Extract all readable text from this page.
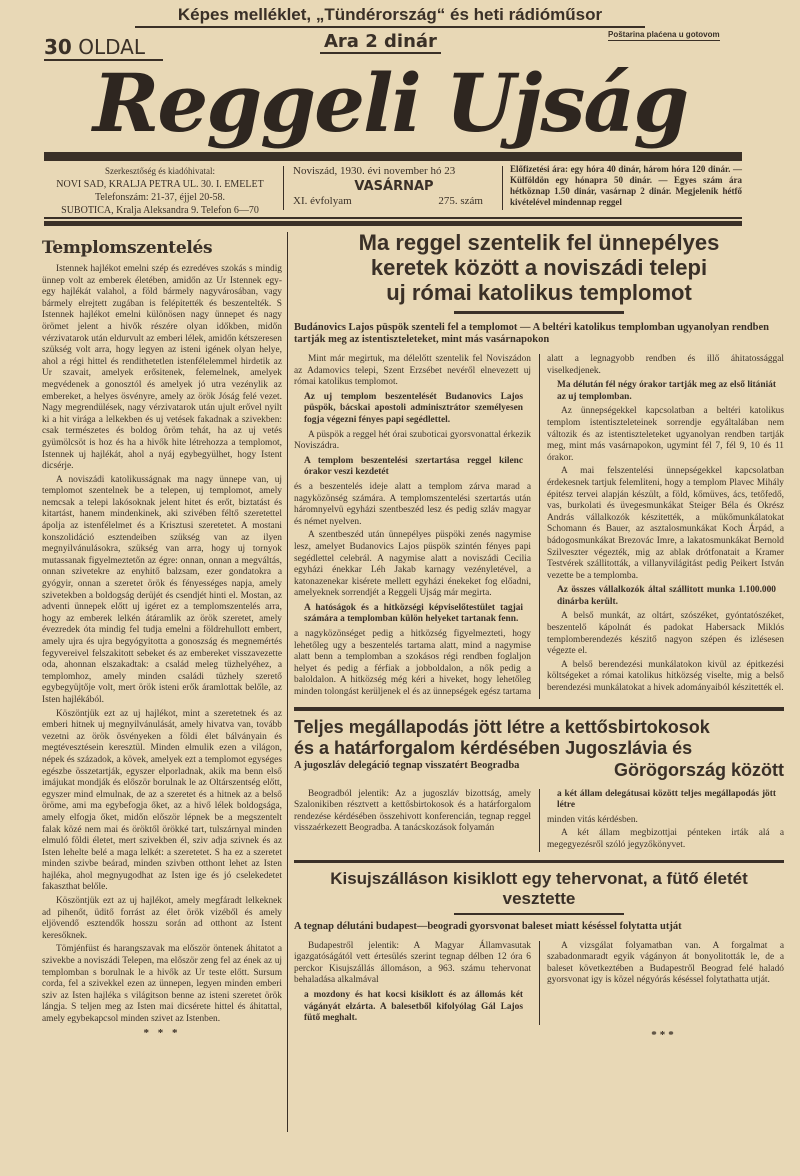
Képes melléklet, „Tündérország“ és heti rádióműsor
30 OLDAL	Ara 2 dinár	Poštarina plaćena u gotovom
Reggeli Ujság
Szerkesztőség és kiadóhivatal:
NOVI SAD, KRALJA PETRA UL. 30. I. EMELET
Telefonszám: 21-37, éjjel 20-58.
SUBOTICA, Kralja Aleksandra 9. Telefon 6—70
Noviszád, 1930. évi november hó 23
VASÁRNAP
XI. évfolyam	275. szám
Előfizetési ára: egy hóra 40 dinár, három hóra 120 dinár. — Külföldön egy hónapra 50 dinár. — Egyes szám ára hétköznap 1.50 dinár, vasárnap 2 dinár. Megjelenik hétfő kivételével mindennap reggel
Templomszentelés

Istennek hajlékot emelni szép és ezredéves szokás s mindig ünnep volt az emberek életében, amidőn az Ur Istennek egy-egy hajlékát valahol, a föld bármely nagyvárosában, vagy bármely elrejtett zugában is felépitették és beszentelték. S Istennek hajlékot emelni különösen nagy ünnepet és nagy örömet jelent a hivők részére olyan időkben, midőn vérzivatarok után eldurvult az emberi lélek, amidőn kétszeresen szükség volt arra, hogy legyen az isteni igének olyan helye, ahol a régi hittel és rendithetetlen istenfélelemmel hirdetik az Ur szavait, amelyek erősitenek, felemelnek, amelyek megvédenek a gonosztól és amelyek jó utra vezénylik az embereket, a helyes ösvényre, amely az örök Jóság felé vezet. Nagy megrendülések, nagy vérzivatarok után ujult erővel nyilt ki a hit virága a lelkekben és uj vetések fakadnak a szivekben: csak természetes és boldog öröm tehát, ha az uj vetés gyümölcsöt is hoz és ha a hivők hite létrehozza a templomot, Istennek uj hajlékát, ahol a nyáj egybegyülhet, hogy Istent dicsérje.

A noviszádi katolikusságnak ma nagy ünnepe van, uj templomot szentelnek be a telepen, uj templomot, amely nemcsak a telepi lakósoknak jelent hitet és erőt, biztatást és kitartást, hanem mindenkinek, aki szivében féltő szeretettel ápolja az istenfélelmet és a Krisztusi szeretetet. A mostani konszolidáció esztendeiben szükség van az ilyen megnyilvánulásokra, szükség van arra, hogy uj tornyok mutassanak figyelmeztetőn az égre: onnan, onnan a megváltás, onnan szivetekre az enyhitő balzsam, ezer gondatokra a gyógyir, onnan a szeretet örök és fényességes napja, amely szivetekben a boldogság derüjét és csendjét hinti el. Mostan, az adventi ünnepek előtt uj igéret ez a templomszentelés arra, hogy az emberek lelkén átáramlik az örök szeretet, amely évezredek óta mindig fel tudja emelni a földrehullott embert, amely ujra és ujra begyógyitotta a gonoszság és megnemértés fegyvereivel felszakitott sebeket és az embereket visszavezette oda, ahonnan elszakadtak: a család meleg tüzhelyéhez, a templomhoz, amely minden családi tüzhely szerető egybegyüjtője volt, mert örök isteni erők áramlottak belőle, az Isten hajlékából.

Köszöntjük ezt az uj hajlékot, mint a szeretetnek és az emberi hitnek uj megnyilvánulását, amely hivatva van, tovább vezetni az örök ösvényeken a földi élet bálványain és megtévesztésein keresztül. Minden elmulik ezen a világon, népek és századok, a kövek, amelyek ezt a templomot egységes egészbe összetartják, egyszer elporladnak, akik ma benn első imájukat mondják és először borulnak le az Oltárszentség előtt, egyszer mind elmulnak, de az a szeretet és a hitnek az a belső öröme, ami ma egybefogja őket, az a hivő lélek boldogsága, amely elfogja őket, midőn először lépnek be a megszentelt falak közé nem mai és öröktől örökké tart, tulszárnyal minden elmuló földi életet, mert szivekben él, sziv adja szivnek és az Isten lehelte belé a maga lelkét: a szeretetet. S ha ez a szeretet minden szivbe beárad, minden szivben otthont lehet az Isten hajléka, ahol megnyugodhat az Isten ige és jó cselekedetet fakaszthat belőle.

Köszöntjük ezt az uj hajlékot, amely megfáradt lelkeknek ad pihenőt, üditő forrást az élet örök vizéből és amely eljövendő esztendők hosszu során ad otthont az Istent keresőknek.

Tömjénfüst és harangszavak ma először öntenek áhitatot a szivekbe a noviszádi Telepen, ma először zeng fel az ének az uj templomban s borulnak le a hivők az Ur teste előtt. Sursum corda, fel a szivekkel ezen az ünnepen, legyen minden emberi sziv az Isten hajléka s világitson benne az isteni szeretet örök lángja. S teljen meg az Isten mai dicsérete hittel és áhitattal, amely egybekapcsol minden szivet az Istenben.

* * *
Ma reggel szentelik fel ünnepélyes
keretek között a noviszádi telepi
uj római katolikus templomot
Budánovics Lajos püspök szenteli fel a templomot — A beltéri katolikus templomban ugyanolyan rendben tartják meg az istentiszteleteket, mint más vasárnapokon

Mint már megirtuk, ma délelőtt szentelik fel Noviszádon az Adamovics telepi, Szent Erzsébet nevéről elnevezett uj római katolikus templomot.

Az uj templom beszentelését Budanovics Lajos püspök, bácskai apostoli adminisztrátor személyesen fogja végezni fényes papi segédlettel.

A püspök a reggel hét órai szuboticai gyorsvonattal érkezik Noviszádra.

A templom beszentelési szertartása reggel kilenc órakor veszi kezdetét

és a beszentelés ideje alatt a templom zárva marad a nagyközönség számára. A templomszentelési szertartás után háromnyelvü egyházi szentbeszéd lesz és pedig szláv magyar és német nyelven.

A szentbeszéd után ünnepélyes püspöki zenés nagymise lesz, amelyet Budanovics Lajos püspök szintén fényes papi segédlettel celebrál. A nagymise alatt a noviszádi Cecilia egyházi énekkar Léh Jakab karnagy vezényletével, a katonazenekar kisérete mellett egyházi énekeket fog előadni, amelyeknek sorrendjét a Reggeli Ujság már megirta.

A hatóságok és a hitközségi képviselőtestület tagjai számára a templomban külön helyeket tartanak fenn.

a nagyközönséget pedig a hitközség figyelmezteti, hogy lehetőleg ugy a beszentelés tartama alatt, mind a nagymise alatt benn a templomban a szokásos régi rendben foglaljon helyet és pedig a férfiak a jobboldalon, a nők pedig a baloldalon. A hitközség még kéri a hiveket, hogy lehetőleg minden tolongást kerüljenek el és az ünnepségek egész tartama alatt a legnagyobb rendben és illő áhitatossággal viselkedjenek.

Ma délután fél négy órakor tartják meg az első litániát az uj templomban.

Az ünnepségekkel kapcsolatban a beltéri katolikus templom istentiszteleteinek sorrendje egyáltalában nem változik és az istentiszteleteket ugyanolyan rendben tartják meg, mint más vasárnapokon, ugymint fél 7, fél 9, 10 és 11 órakor.

A mai felszentelési ünnepségekkel kapcsolatban érdekesnek tartjuk felemliteni, hogy a templom Plavec Mihály épitész tervei alapján készült, a föld, kőmüves, ács, tetőfedő, vas, burkolati és üvegesmunkákat Steiger Béla és Okrész András vállalkozók készitették, a mükőmunkálatokat Schomann és Bauer, az asztalosmunkákat Koch Árpád, a bádogosmunkákat Brezovác Imre, a lakatosmunkákat Bernold Szilveszter végezték, mig az ablak drótfonatait a Kramer Testvérek szállitották, a villanyvilágitást pedig Peikert István vezette be a templomba.

Az összes vállalkozók által szállitott munka 1.100.000 dinárba került.

A belső munkát, az oltárt, szószéket, gyóntatószéket, beszentelő kápolnát és padokat Habersack Miklós templomberendezés készitő nagyon szépen és izlésesen végezte el.

A belső berendezési munkálatokon kivül az épitkezési költségeket a római katolikus hitközség viselte, mig a belső berendezési munkálatokat a hivek adományaiból készitették el.

Teljes megállapodás jött létre a kettősbirtokosok
és a határforgalom kérdésében Jugoszlávia és
A jugoszláv delegáció tegnap visszatért Beogradba	Görögország között

Beogradból jelentik: Az a jugoszláv bizottság, amely Szalonikiben résztvett a kettősbirtokosok és a határforgalom rendezése kérdésében összehivott konferencián, tegnap reggel visszaérkezett Beogradba. A tanácskozások folyamán

a két állam delegátusai között teljes megállapodás jött létre

minden vitás kérdésben.

A két állam megbizottjai pénteken irták alá a megegyezésről szóló jegyzőkönyvet.

Kisujszálláson kisiklott egy tehervonat, a fütő életét vesztette
A tegnap délutáni budapest—beogradi gyorsvonat baleset miatt késéssel folytatta utját

Budapestről jelentik: A Magyar Államvasutak igazgatóságától vett értesülés szerint tegnap délben 12 óra 6 perckor Kisujszállás állomáson, a 963. számu tehervonat behaladása alkalmával

a mozdony és hat kocsi kisiklott és az állomás két vágányát elzárta. A balesetből kifolyólag Gál Lajos fütő meghalt.

A vizsgálat folyamatban van. A forgalmat a szabadonmaradt egyik vágányon át bonyolitották le, de a baleset következtében a Budapestről Beograd felé haladó gyorsvonat igy is közel négyórás késéssel folytathatta utját.

***
